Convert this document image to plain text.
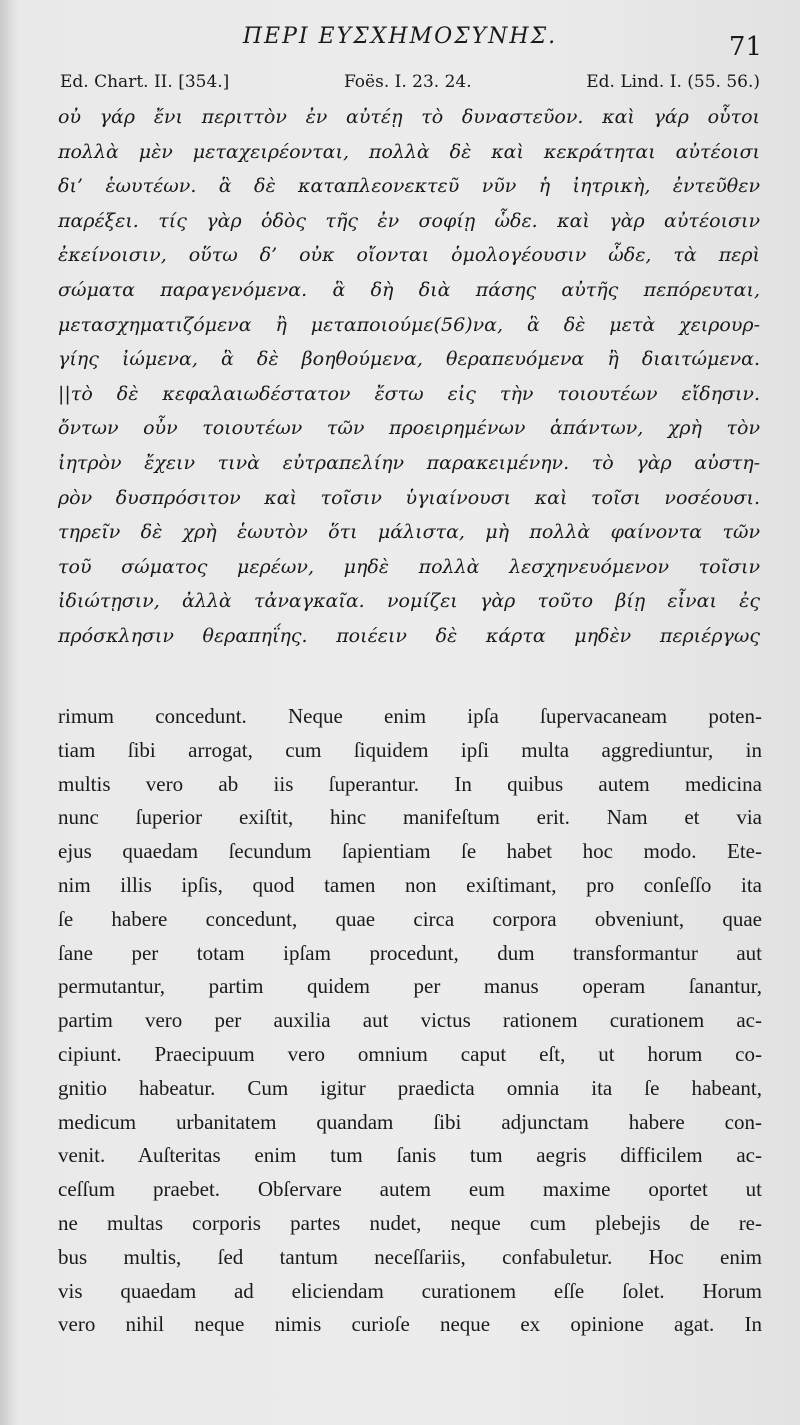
ΠΕΡΙ ΕΥΣΧΗΜΟΣΥΝΗΣ.	71
Ed. Chart. II. [354.]	Foës. I. 23. 24.	Ed. Lind. I. (55. 56.)
οὐ γάρ ἔνι περιττὸν ἐν αὐτέῃ τὸ δυναστεῦον. καὶ γάρ οὗτοι
πολλὰ μὲν μεταχειρέονται, πολλὰ δὲ καὶ κεκράτηται αὐτέοισι
δι’ ἑωυτέων. ἃ δὲ καταπλεονεκτεῦ νῦν ἡ ἰητρικὴ, ἐντεῦθεν
παρέξει. τίς γὰρ ὁδὸς τῆς ἐν σοφίῃ ὧδε. καὶ γὰρ αὐτέοισιν
ἐκείνοισιν, οὕτω δ’ οὐκ οἴονται ὁμολογέουσιν ὧδε, τὰ περὶ
σώματα παραγενόμενα. ἃ δὴ διὰ πάσης αὐτῆς πεπόρευται,
μετασχηματιζόμενα ἢ μεταποιούμε(56)να, ἃ δὲ μετὰ χειρουρ-
γίης ἰώμενα, ἃ δὲ βοηθούμενα, θεραπευόμενα ἢ διαιτώμενα.
||τὸ δὲ κεφαλαιωδέστατον ἔστω εἰς τὴν τοιουτέων εἴδησιν.
ὄντων οὖν τοιουτέων τῶν προειρημένων ἁπάντων, χρὴ τὸν
ἰητρὸν ἔχειν τινὰ εὐτραπελίην παρακειμένην. τὸ γὰρ αὐστη-
ρὸν δυσπρόσιτον καὶ τοῖσιν ὑγιαίνουσι καὶ τοῖσι νοσέουσι.
τηρεῖν δὲ χρὴ ἑωυτὸν ὅτι μάλιστα, μὴ πολλὰ φαίνοντα τῶν
τοῦ σώματος μερέων, μηδὲ πολλὰ λεσχηνευόμενον τοῖσιν
ἰδιώτῃσιν, ἀλλὰ τἀναγκαῖα. νομίζει γὰρ τοῦτο βίῃ εἶναι ἐς
πρόσκλησιν θεραπηΐης. ποιέειν δὲ κάρτα μηδὲν περιέργως
rimum concedunt. Neque enim ipſa ſupervacaneam poten-
tiam ſibi arrogat, cum ſiquidem ipſi multa aggrediuntur, in
multis vero ab iis ſuperantur. In quibus autem medicina
nunc ſuperior exiſtit, hinc manifeſtum erit. Nam et via
ejus quaedam ſecundum ſapientiam ſe habet hoc modo. Ete-
nim illis ipſis, quod tamen non exiſtimant, pro conſeſſo ita
ſe habere concedunt, quae circa corpora obveniunt, quae
ſane per totam ipſam procedunt, dum transformantur aut
permutantur, partim quidem per manus operam ſanantur,
partim vero per auxilia aut victus rationem curationem ac-
cipiunt. Praecipuum vero omnium caput eſt, ut horum co-
gnitio habeatur. Cum igitur praedicta omnia ita ſe habeant,
medicum urbanitatem quandam ſibi adjunctam habere con-
venit. Auſteritas enim tum ſanis tum aegris difficilem ac-
ceſſum praebet. Obſervare autem eum maxime oportet ut
ne multas corporis partes nudet, neque cum plebejis de re-
bus multis, ſed tantum neceſſariis, confabuletur. Hoc enim
vis quaedam ad eliciendam curationem eſſe ſolet. Horum
vero nihil neque nimis curioſe neque ex opinione agat. In
